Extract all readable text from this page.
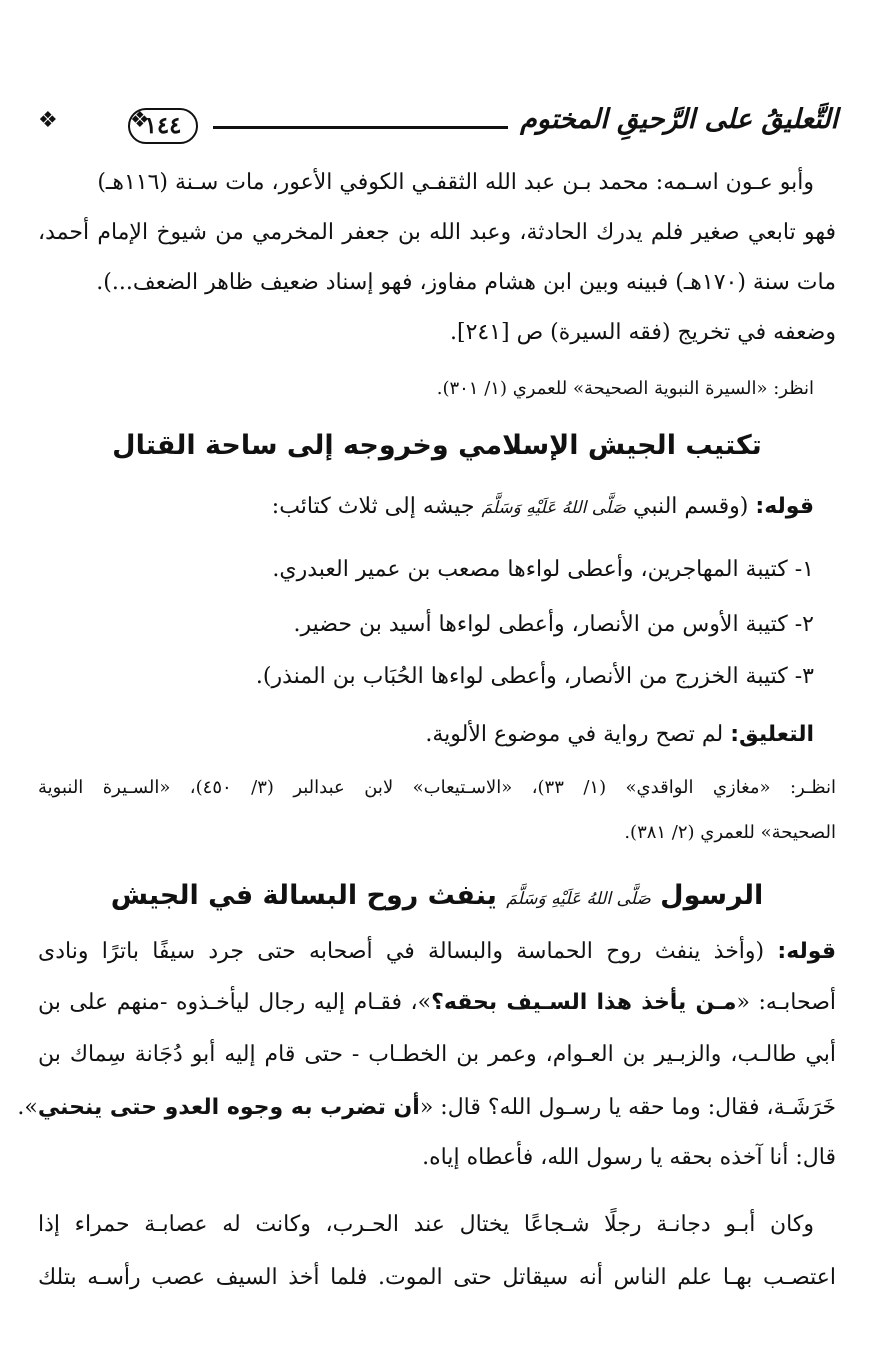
❖	١٤٤
❖	التَّعليقُ على الرَّحيقِ المختوم
وأبو عـون اسـمه: محمد بـن عبد الله الثقفـي الكوفي الأعور، مات سـنة (١١٦هـ)
فهو تابعي صغير فلم يدرك الحادثة، وعبد الله بن جعفر المخرمي من شيوخ الإمام أحمد،
مات سنة (١٧٠هـ) فبينه وبين ابن هشام مفاوز، فهو إسناد ضعيف ظاهر الضعف...).
وضعفه في تخريج (فقه السيرة) ص [٢٤١].
انظر: «السيرة النبوية الصحيحة» للعمري (١/ ٣٠١).
تكتيب الجيش الإسلامي وخروجه إلى ساحة القتال
قوله: (وقسم النبي صَلَّى اللهُ عَلَيْهِ وَسَلَّمَ جيشه إلى ثلاث كتائب:
١- كتيبة المهاجرين، وأعطى لواءها مصعب بن عمير العبدري.
٢- كتيبة الأوس من الأنصار، وأعطى لواءها أسيد بن حضير.
٣- كتيبة الخزرج من الأنصار، وأعطى لواءها الحُبَاب بن المنذر).
التعليق: لم تصح رواية في موضوع الألوية.
انظـر: «مغازي الواقدي» (١/ ٣٣)، «الاسـتيعاب» لابن عبدالبر (٣/ ٤٥٠)، «السـيرة النبوية
الصحيحة» للعمري (٢/ ٣٨١).
الرسول صَلَّى اللهُ عَلَيْهِ وَسَلَّمَ ينفث روح البسالة في الجيش
قوله: (وأخذ ينفث روح الحماسة والبسالة في أصحابه حتى جرد سيفًا باترًا ونادى
أصحابـه: «مـن يأخذ هذا السـيف بحقه؟»، فقـام إليه رجال ليأخـذوه -منهم على بن
أبي طالـب، والزبـير بن العـوام، وعمر بن الخطـاب - حتى قام إليه أبو دُجَانة سِماك بن
خَرَشَـة، فقال: وما حقه يا رسـول الله؟ قال: «أن تضرب به وجوه العدو حتى ينحني».
قال: أنا آخذه بحقه يا رسول الله، فأعطاه إياه.
وكان أبـو دجانـة رجلًا شـجاعًا يختال عند الحـرب، وكانت له عصابـة حمراء إذا
اعتصـب بهـا علم الناس أنه سيقاتل حتى الموت. فلما أخذ السيف عصب رأسـه بتلك
